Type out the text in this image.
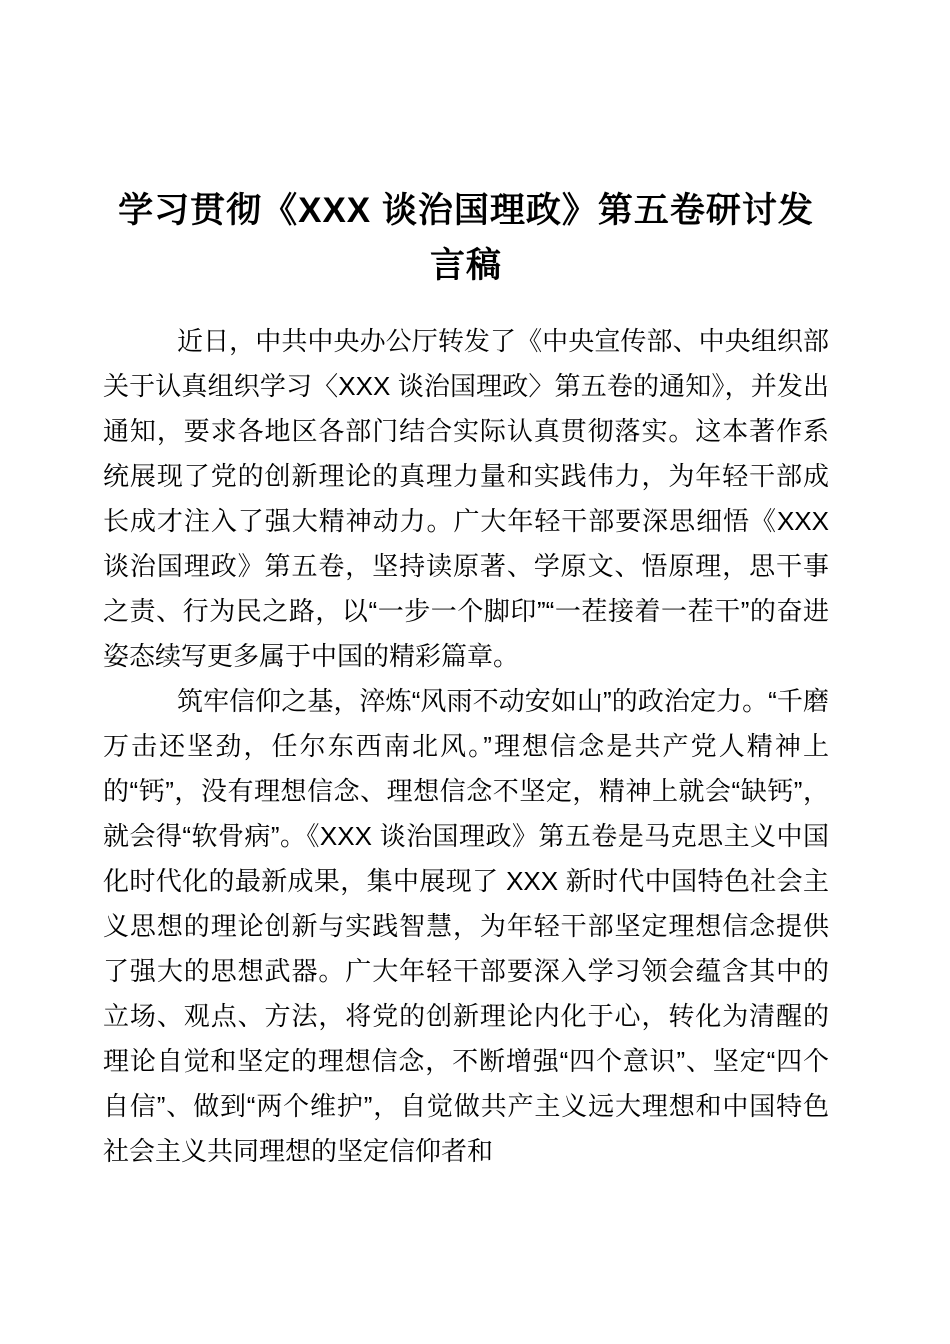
学习贯彻《XXX 谈治国理政》第五卷研讨发言稿

近日，中共中央办公厅转发了《中央宣传部、中央组织部关于认真组织学习〈XXX 谈治国理政〉第五卷的通知》，并发出通知，要求各地区各部门结合实际认真贯彻落实。这本著作系统展现了党的创新理论的真理力量和实践伟力，为年轻干部成长成才注入了强大精神动力。广大年轻干部要深思细悟《XXX 谈治国理政》第五卷，坚持读原著、学原文、悟原理，思干事之责、行为民之路，以“一步一个脚印”“一茬接着一茬干”的奋进姿态续写更多属于中国的精彩篇章。

筑牢信仰之基，淬炼“风雨不动安如山”的政治定力。“千磨万击还坚劲，任尔东西南北风。”理想信念是共产党人精神上的“钙”，没有理想信念、理想信念不坚定，精神上就会“缺钙”，就会得“软骨病”。《XXX 谈治国理政》第五卷是马克思主义中国化时代化的最新成果，集中展现了 XXX 新时代中国特色社会主义思想的理论创新与实践智慧，为年轻干部坚定理想信念提供了强大的思想武器。广大年轻干部要深入学习领会蕴含其中的立场、观点、方法，将党的创新理论内化于心，转化为清醒的理论自觉和坚定的理想信念，不断增强“四个意识”、坚定“四个自信”、做到“两个维护”，自觉做共产主义远大理想和中国特色社会主义共同理想的坚定信仰者和
